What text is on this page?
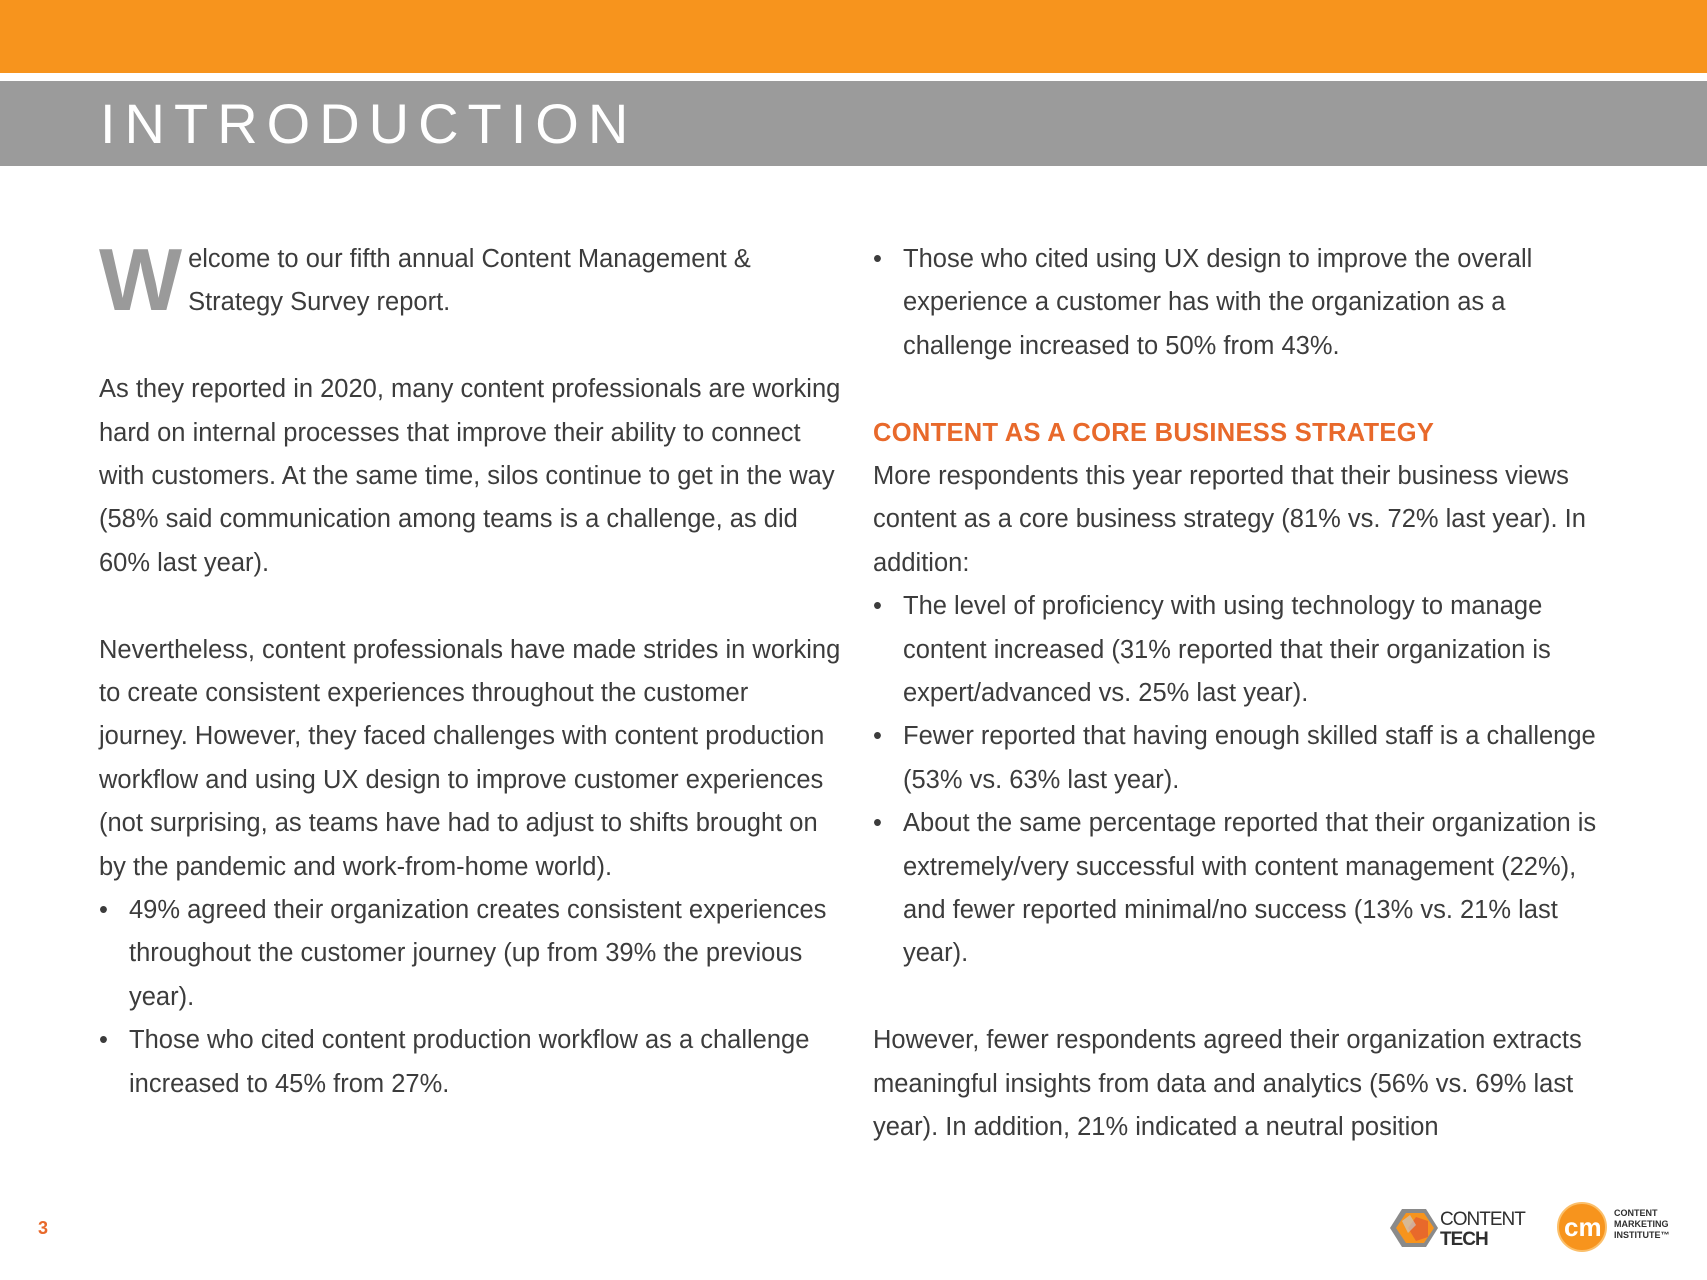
INTRODUCTION

Welcome to our fifth annual Content Management & Strategy Survey report.

As they reported in 2020, many content professionals are working hard on internal processes that improve their ability to connect with customers. At the same time, silos continue to get in the way (58% said communication among teams is a challenge, as did 60% last year).

Nevertheless, content professionals have made strides in working to create consistent experiences throughout the customer journey. However, they faced challenges with content production workflow and using UX design to improve customer experiences (not surprising, as teams have had to adjust to shifts brought on by the pandemic and work-from-home world).

• 49% agreed their organization creates consistent experiences throughout the customer journey (up from 39% the previous year).
• Those who cited content production workflow as a challenge increased to 45% from 27%.
• Those who cited using UX design to improve the overall experience a customer has with the organization as a challenge increased to 50% from 43%.
CONTENT AS A CORE BUSINESS STRATEGY

More respondents this year reported that their business views content as a core business strategy (81% vs. 72% last year). In addition:

• The level of proficiency with using technology to manage content increased (31% reported that their organization is expert/advanced vs. 25% last year).
• Fewer reported that having enough skilled staff is a challenge (53% vs. 63% last year).
• About the same percentage reported that their organization is extremely/very successful with content management (22%), and fewer reported minimal/no success (13% vs. 21% last year).

However, fewer respondents agreed their organization extracts meaningful insights from data and analytics (56% vs. 69% last year). In addition, 21% indicated a neutral position

3	CONTENT
TECH	cm CONTENT
MARKETING
INSTITUTE™
